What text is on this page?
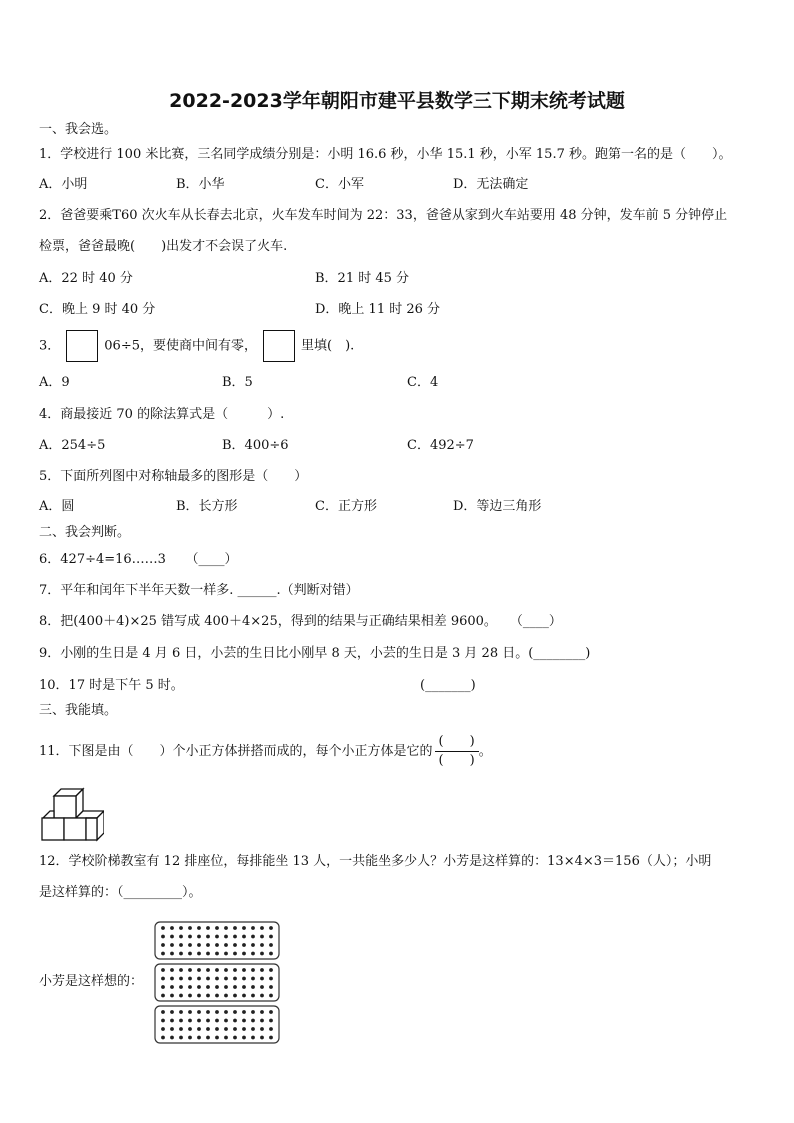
2022-2023学年朝阳市建平县数学三下期末统考试题
一、我会选。
1．学校进行 100 米比赛，三名同学成绩分别是：小明 16.6 秒，小华 15.1 秒，小军 15.7 秒。跑第一名的是（　　）。
A．小明	B．小华	C．小军	D．无法确定
2．爸爸要乘T60 次火车从长春去北京，火车发车时间为 22：33，爸爸从家到火车站要用 48 分钟，发车前 5 分钟停止
检票，爸爸最晚(　　)出发才不会误了火车.
A．22 时 40 分	B．21 时 45 分
C．晚上 9 时 40 分	D．晚上 11 时 26 分
3．	06÷5，要使商中间有零，	里填(　).
A．9	B．5	C．4
4．商最接近 70 的除法算式是（　　　）.
A．254÷5	B．400÷6	C．492÷7
5．下面所列图中对称轴最多的图形是（　　）
A．圆	B．长方形	C．正方形	D．等边三角形
二、我会判断。
6．427÷4=16……3　　（____）
7．平年和闰年下半年天数一样多. ______.（判断对错）
8．把(400＋4)×25 错写成 400＋4×25，得到的结果与正确结果相差 9600。　　（____）
9．小刚的生日是 4 月 6 日，小芸的生日比小刚早 8 天，小芸的生日是 3 月 28 日。(________)
10．17 时是下午 5 时。	(_______)
三、我能填。
11．下图是由（　　）个小正方体拼搭而成的，每个小正方体是它的 $\frac{( )}{( )}$ 。
12．学校阶梯教室有 12 排座位，每排能坐 13 人，一共能坐多少人？小芳是这样算的：13×4×3＝156（人）；小明
是这样算的：（_________）。
小芳是这样想的：
